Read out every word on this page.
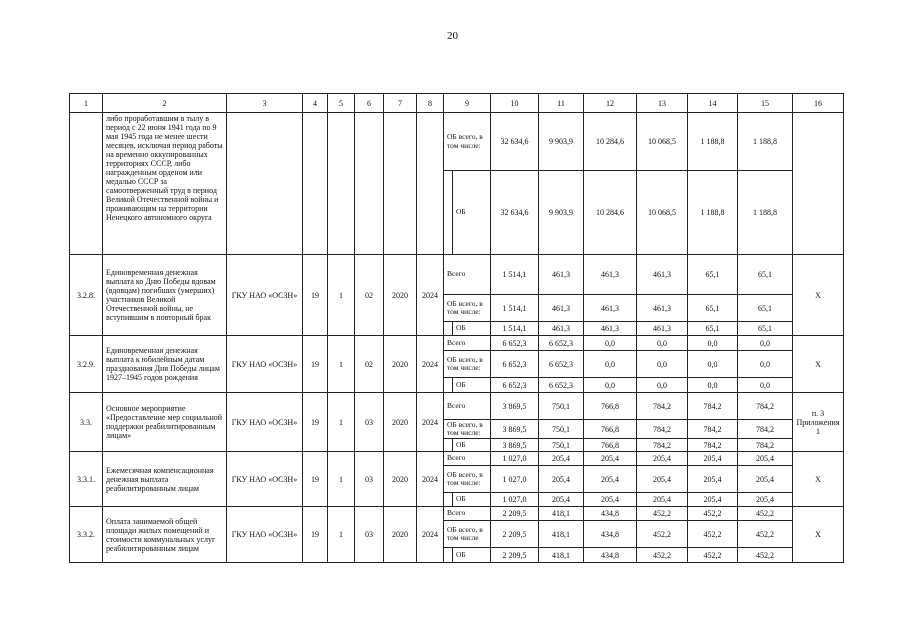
20
1	2	3	4	5	6	7	8	9		10	11	12	13	14	15	16
	либо проработавшим в тылу в период с 22 июня 1941 года по 9 мая 1945 года не менее шести месяцев, исключая период работы на временно оккупированных территориях СССР, либо награжденным орденом или медалью СССР за самоотверженный труд в период Великой Отечественной войны и проживающим на территории Ненецкого автономного округа							ОБ всего, в том числе:		32 634,6	9 903,9	10 284,6	10 068,5	1 188,8	1 188,8	
									ОБ	32 634,6	9 903,9	10 284,6	10 068,5	1 188,8	1 188,8	
3.2.8.	Единовременная денежная выплата ко Дню Победы вдовам (вдовцам) погибших (умерших) участников Великой Отечественной войны, не вступившим в повторный брак	ГКУ НАО «ОСЗН»	19	1	02	2020	2024	Всего		1 514,1	461,3	461,3	461,3	65,1	65,1	Х
								ОБ всего, в том числе:		1 514,1	461,3	461,3	461,3	65,1	65,1	
									ОБ	1 514,1	461,3	461,3	461,3	65,1	65,1	
3.2.9.	Единовременная денежная выплата к юбилейным датам празднования Дня Победы лицам 1927–1945 годов рождения	ГКУ НАО «ОСЗН»	19	1	02	2020	2024	Всего		6 652,3	6 652,3	0,0	0,0	0,0	0,0	Х
								ОБ всего, в том числе:		6 652,3	6 652,3	0,0	0,0	0,0	0,0	
									ОБ	6 652,3	6 652,3	0,0	0,0	0,0	0,0	
3.3.	Основное мероприятие «Предоставление мер социальной поддержки реабилитированным лицам»	ГКУ НАО «ОСЗН»	19	1	03	2020	2024	Всего		3 869,5	750,1	766,8	784,2	784,2	784,2	п. 3 Приложения 1
								ОБ всего, в том числе:		3 869,5	750,1	766,8	784,2	784,2	784,2	
									ОБ	3 869,5	750,1	766,8	784,2	784,2	784,2	
3.3.1.	Ежемесячная компенсационная денежная выплата реабилитированным лицам	ГКУ НАО «ОСЗН»	19	1	03	2020	2024	Всего		1 027,0	205,4	205,4	205,4	205,4	205,4	Х
								ОБ всего, в том числе:		1 027,0	205,4	205,4	205,4	205,4	205,4	
									ОБ	1 027,0	205,4	205,4	205,4	205,4	205,4	
3.3.2.	Оплата занимаемой общей площади жилых помещений и стоимости коммунальных услуг реабилитированным лицам	ГКУ НАО «ОСЗН»	19	1	03	2020	2024	Всего		2 209,5	418,1	434,8	452,2	452,2	452,2	Х
								ОБ всего, в том числе		2 209,5	418,1	434,8	452,2	452,2	452,2	
									ОБ	2 209,5	418,1	434,8	452,2	452,2	452,2	
